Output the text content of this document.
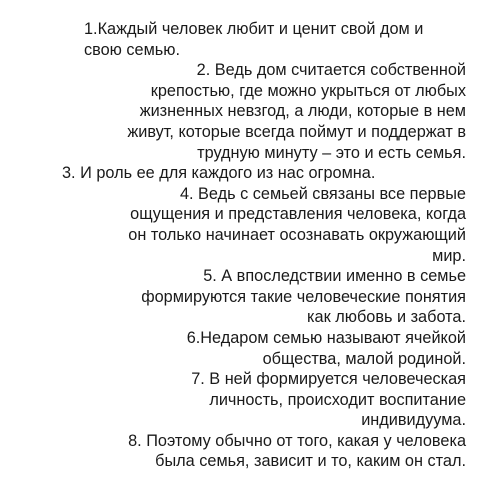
1.Каждый человек любит и ценит свой дом и
свою семью.
2. Ведь дом считается собственной
крепостью, где можно укрыться от любых
жизненных невзгод, а люди, которые в нем
живут, которые всегда поймут и поддержат в
трудную минуту – это и есть семья.
3. И роль ее для каждого из нас огромна.
4. Ведь с семьей связаны все первые
ощущения и представления человека, когда
он только начинает осознавать окружающий
мир.
5. А впоследствии именно в семье
формируются такие человеческие понятия
как любовь и забота.
6.Недаром семью называют ячейкой
общества, малой родиной.
7. В ней формируется человеческая
личность, происходит воспитание
индивидуума.
8. Поэтому обычно от того, какая у человека
была семья, зависит и то, каким он стал.
